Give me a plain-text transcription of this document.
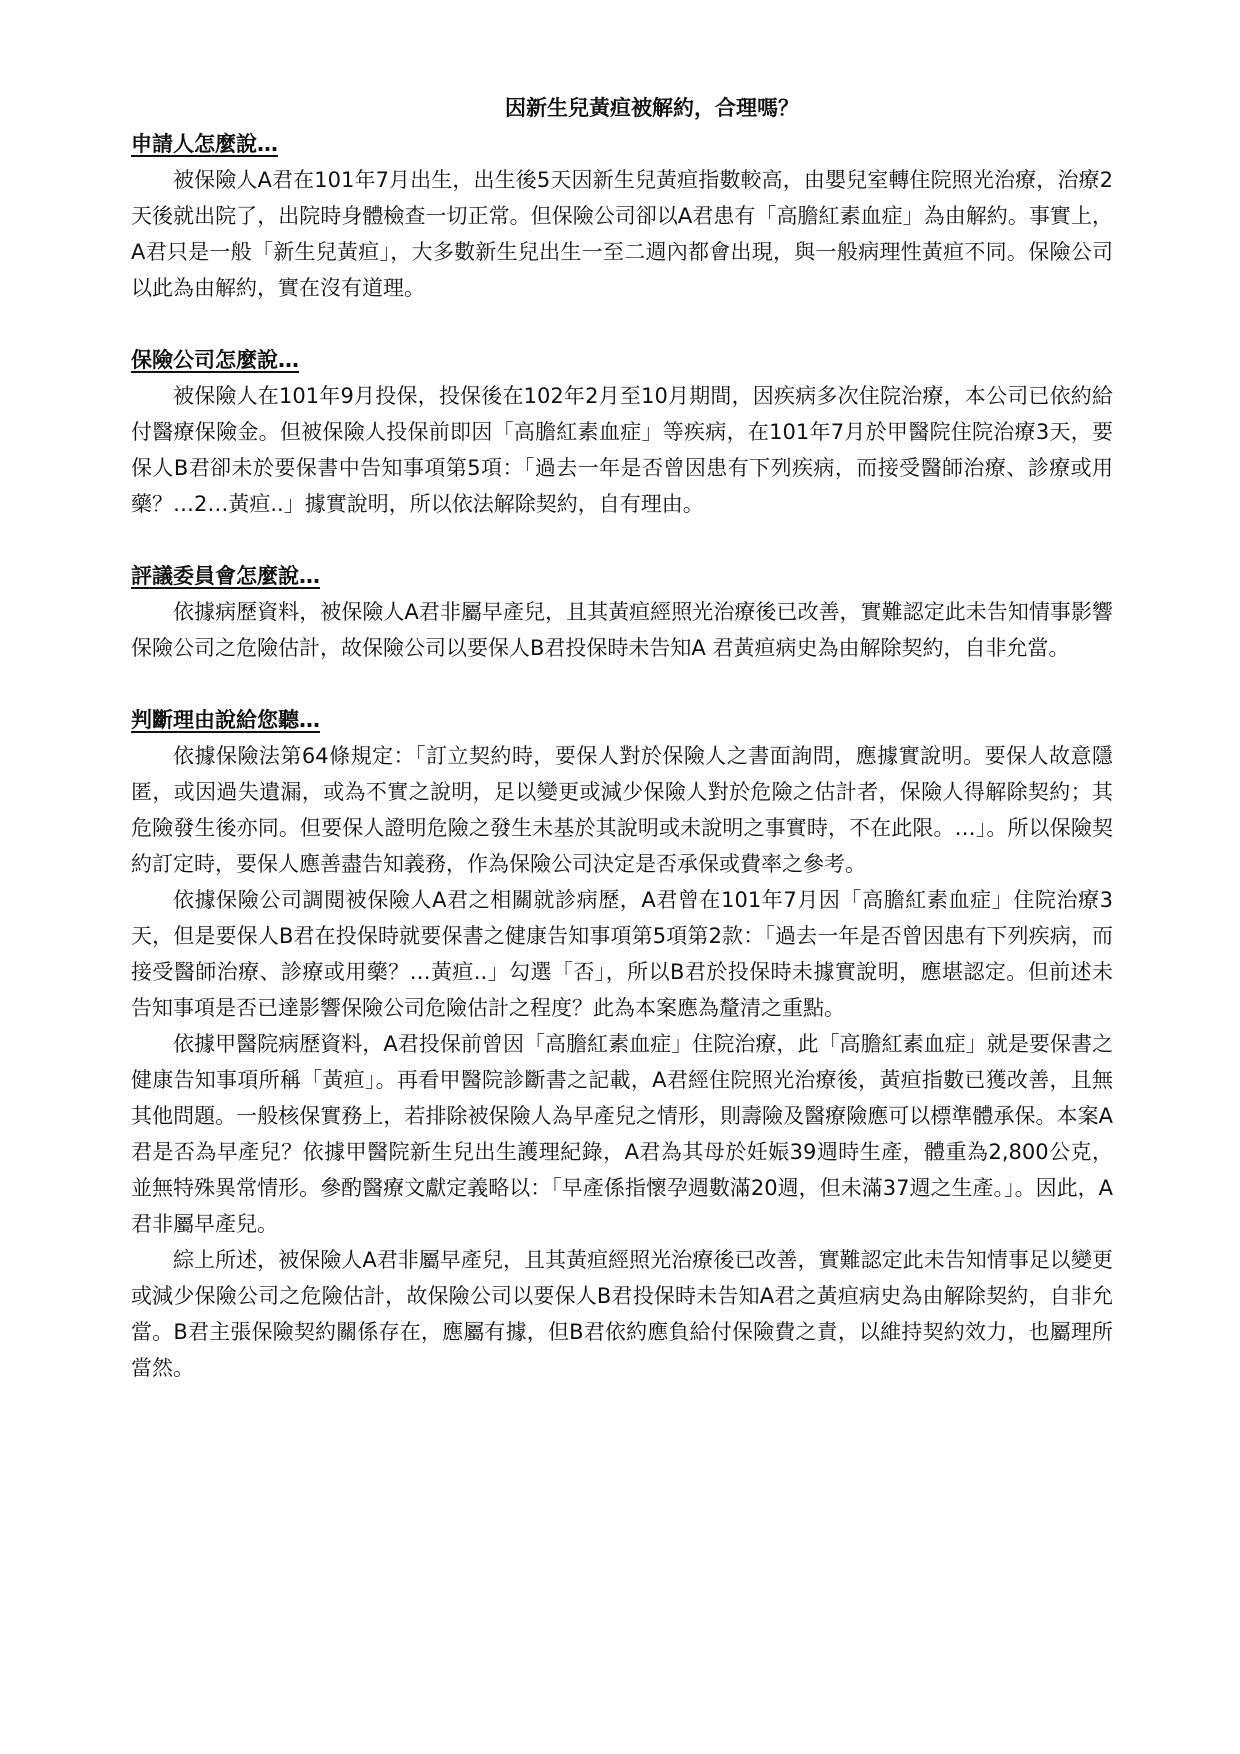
因新生兒黃疸被解約，合理嗎？
申請人怎麼說…

被保險人A君在101年7月出生，出生後5天因新生兒黃疸指數較高，由嬰兒室轉住院照光治療，治療2天後就出院了，出院時身體檢查一切正常。但保險公司卻以A君患有「高膽紅素血症」為由解約。事實上，A君只是一般「新生兒黃疸」，大多數新生兒出生一至二週內都會出現，與一般病理性黃疸不同。保險公司以此為由解約，實在沒有道理。

保險公司怎麼說…

被保險人在101年9月投保，投保後在102年2月至10月期間，因疾病多次住院治療，本公司已依約給付醫療保險金。但被保險人投保前即因「高膽紅素血症」等疾病，在101年7月於甲醫院住院治療3天，要保人B君卻未於要保書中告知事項第5項：「過去一年是否曾因患有下列疾病，而接受醫師治療、診療或用藥？…2…黃疸..」據實說明，所以依法解除契約，自有理由。

評議委員會怎麼說…

依據病歷資料，被保險人A君非屬早產兒，且其黃疸經照光治療後已改善，實難認定此未告知情事影響保險公司之危險估計，故保險公司以要保人B君投保時未告知A 君黃疸病史為由解除契約，自非允當。

判斷理由說給您聽…

依據保險法第64條規定：「訂立契約時，要保人對於保險人之書面詢問，應據實說明。要保人故意隱匿，或因過失遺漏，或為不實之說明，足以變更或減少保險人對於危險之估計者，保險人得解除契約；其危險發生後亦同。但要保人證明危險之發生未基於其說明或未說明之事實時，不在此限。…」。所以保險契約訂定時，要保人應善盡告知義務，作為保險公司決定是否承保或費率之參考。

依據保險公司調閱被保險人A君之相關就診病歷，A君曾在101年7月因「高膽紅素血症」住院治療3天，但是要保人B君在投保時就要保書之健康告知事項第5項第2款：「過去一年是否曾因患有下列疾病，而接受醫師治療、診療或用藥？…黃疸..」勾選「否」，所以B君於投保時未據實說明，應堪認定。但前述未告知事項是否已達影響保險公司危險估計之程度？此為本案應為釐清之重點。

依據甲醫院病歷資料，A君投保前曾因「高膽紅素血症」住院治療，此「高膽紅素血症」就是要保書之健康告知事項所稱「黃疸」。再看甲醫院診斷書之記載，A君經住院照光治療後，黃疸指數已獲改善，且無其他問題。一般核保實務上，若排除被保險人為早產兒之情形，則壽險及醫療險應可以標準體承保。本案A君是否為早產兒？依據甲醫院新生兒出生護理紀錄，A君為其母於妊娠39週時生產，體重為2,800公克，並無特殊異常情形。參酌醫療文獻定義略以：「早產係指懷孕週數滿20週，但未滿37週之生產。」。因此，A君非屬早產兒。

綜上所述，被保險人A君非屬早產兒，且其黃疸經照光治療後已改善，實難認定此未告知情事足以變更或減少保險公司之危險估計，故保險公司以要保人B君投保時未告知A君之黃疸病史為由解除契約，自非允當。B君主張保險契約關係存在，應屬有據，但B君依約應負給付保險費之責，以維持契約效力，也屬理所當然。
